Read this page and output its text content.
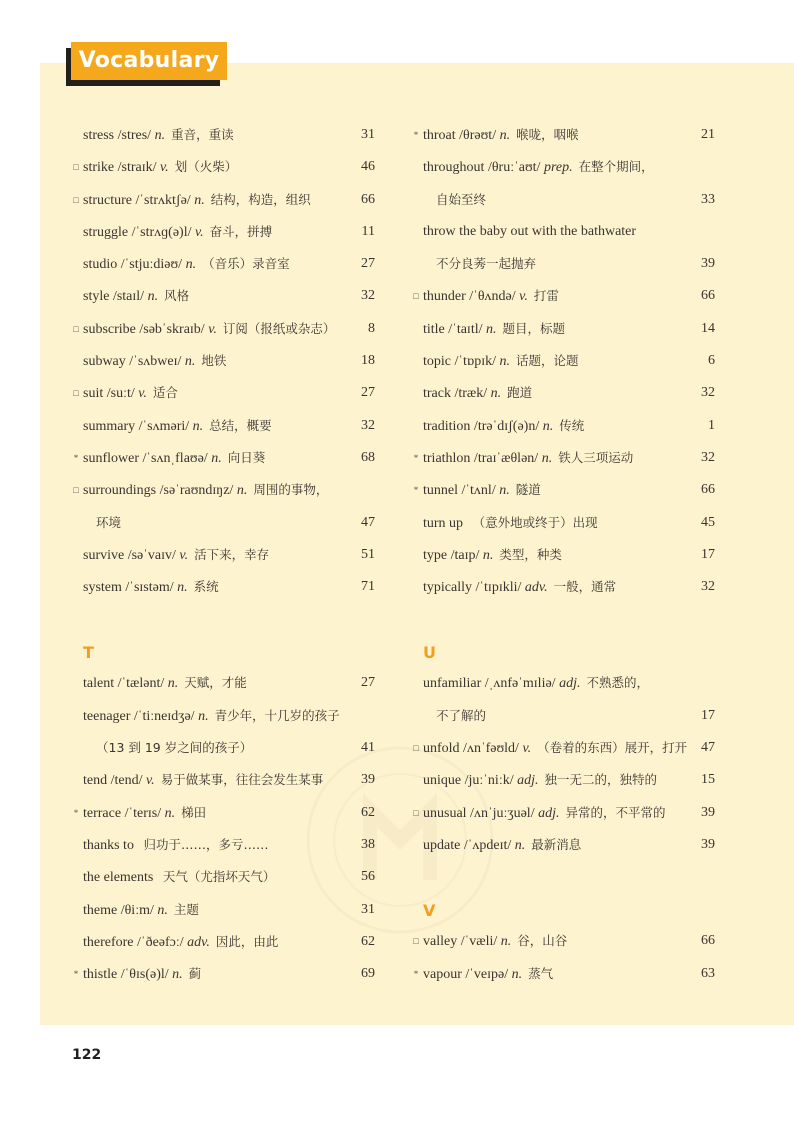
Vocabulary
stress /stres/ n. 重音，重读	31
□ strike /straɪk/ v. 划（火柴）	46
□ structure /ˈstrʌktʃə/ n. 结构，构造，组织	66
struggle /ˈstrʌɡ(ə)l/ v. 奋斗，拼搏	11
studio /ˈstjuːdiəʊ/ n. （音乐）录音室	27
style /staɪl/ n. 风格	32
□ subscribe /səbˈskraɪb/ v. 订阅（报纸或杂志） 8
subway /ˈsʌbweɪ/ n. 地铁	18
□ suit /suːt/ v. 适合	27
summary /ˈsʌməri/ n. 总结，概要	32
* sunflower /ˈsʌnˌflaʊə/ n. 向日葵	68
□ surroundings /səˈraʊndɪŋz/ n. 周围的事物，
环境	47
survive /səˈvaɪv/ v. 活下来，幸存	51
system /ˈsɪstəm/ n. 系统	71
T
talent /ˈtælənt/ n. 天赋，才能	27
teenager /ˈtiːneɪdʒə/ n. 青少年，十几岁的孩子
（13 到 19 岁之间的孩子）	41
tend /tend/ v. 易于做某事，往往会发生某事	39
* terrace /ˈterɪs/ n. 梯田	62
thanks to 归功于……，多亏……	38
the elements 天气（尤指坏天气）	56
theme /θiːm/ n. 主题	31
therefore /ˈðeəfɔː/ adv. 因此，由此	62
* thistle /ˈθɪs(ə)l/ n. 蓟	69
* throat /θrəʊt/ n. 喉咙，咽喉	21
throughout /θruːˈaʊt/ prep. 在整个期间，
自始至终	33
throw the baby out with the bathwater
不分良莠一起抛弃	39
□ thunder /ˈθʌndə/ v. 打雷	66
title /ˈtaɪtl/ n. 题目，标题	14
topic /ˈtɒpɪk/ n. 话题，论题	6
track /træk/ n. 跑道	32
tradition /trəˈdɪʃ(ə)n/ n. 传统	1
* triathlon /traɪˈæθlən/ n. 铁人三项运动	32
* tunnel /ˈtʌnl/ n. 隧道	66
turn up （意外地或终于）出现	45
type /taɪp/ n. 类型，种类	17
typically /ˈtɪpɪkli/ adv. 一般，通常	32
U
unfamiliar /ˌʌnfəˈmɪliə/ adj. 不熟悉的，
不了解的	17
□ unfold /ʌnˈfəʊld/ v. （卷着的东西）展开，打开 47
unique /juːˈniːk/ adj. 独一无二的，独特的	15
□ unusual /ʌnˈjuːʒuəl/ adj. 异常的，不平常的	39
update /ˈʌpdeɪt/ n. 最新消息	39
V
□ valley /ˈvæli/ n. 谷，山谷	66
* vapour /ˈveɪpə/ n. 蒸气	63
122
